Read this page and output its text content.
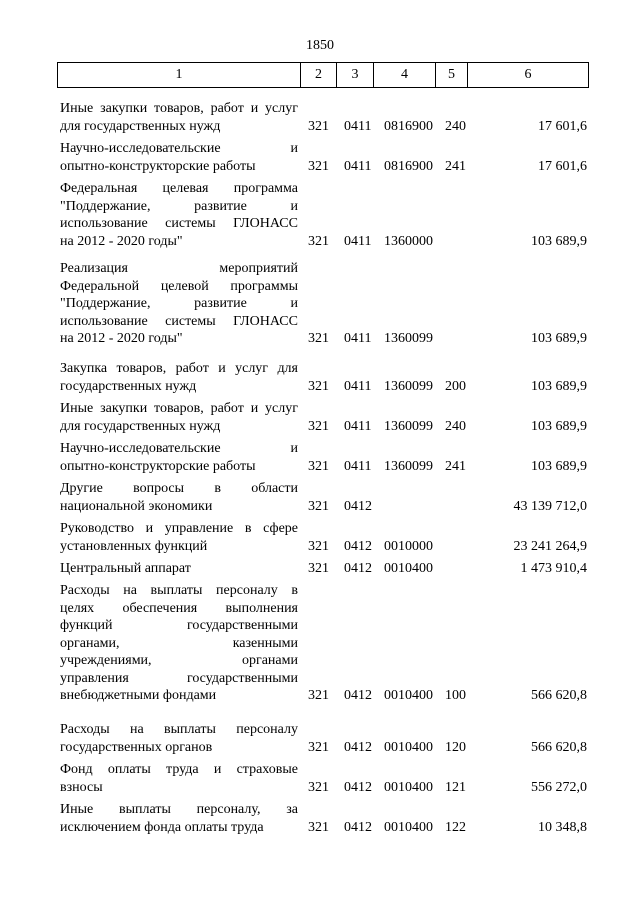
1850
1	2	3	4	5	6
Иные закупки товаров, работ и услуг
для государственных нужд	321 0411 0816900 240	17 601,6
Научно-исследовательские и
опытно-конструкторские работы	321 0411 0816900 241	17 601,6
Федеральная целевая программа
"Поддержание, развитие и
использование системы ГЛОНАСС
на 2012 - 2020 годы"	321 0411 1360000	103 689,9
Реализация мероприятий
Федеральной целевой программы
"Поддержание, развитие и
использование системы ГЛОНАСС
на 2012 - 2020 годы"	321 0411 1360099	103 689,9
Закупка товаров, работ и услуг для
государственных нужд	321 0411 1360099 200	103 689,9
Иные закупки товаров, работ и услуг
для государственных нужд	321 0411 1360099 240	103 689,9
Научно-исследовательские и
опытно-конструкторские работы	321 0411 1360099 241	103 689,9
Другие вопросы в области
национальной экономики	321 0412	43 139 712,0
Руководство и управление в сфере
установленных функций	321 0412 0010000	23 241 264,9
Центральный аппарат	321 0412 0010400	1 473 910,4
Расходы на выплаты персоналу в
целях обеспечения выполнения
функций государственными
органами, казенными
учреждениями, органами
управления государственными
внебюджетными фондами	321 0412 0010400 100	566 620,8
Расходы на выплаты персоналу
государственных органов	321 0412 0010400 120	566 620,8
Фонд оплаты труда и страховые
взносы	321 0412 0010400 121	556 272,0
Иные выплаты персоналу, за
исключением фонда оплаты труда	321 0412 0010400 122	10 348,8
